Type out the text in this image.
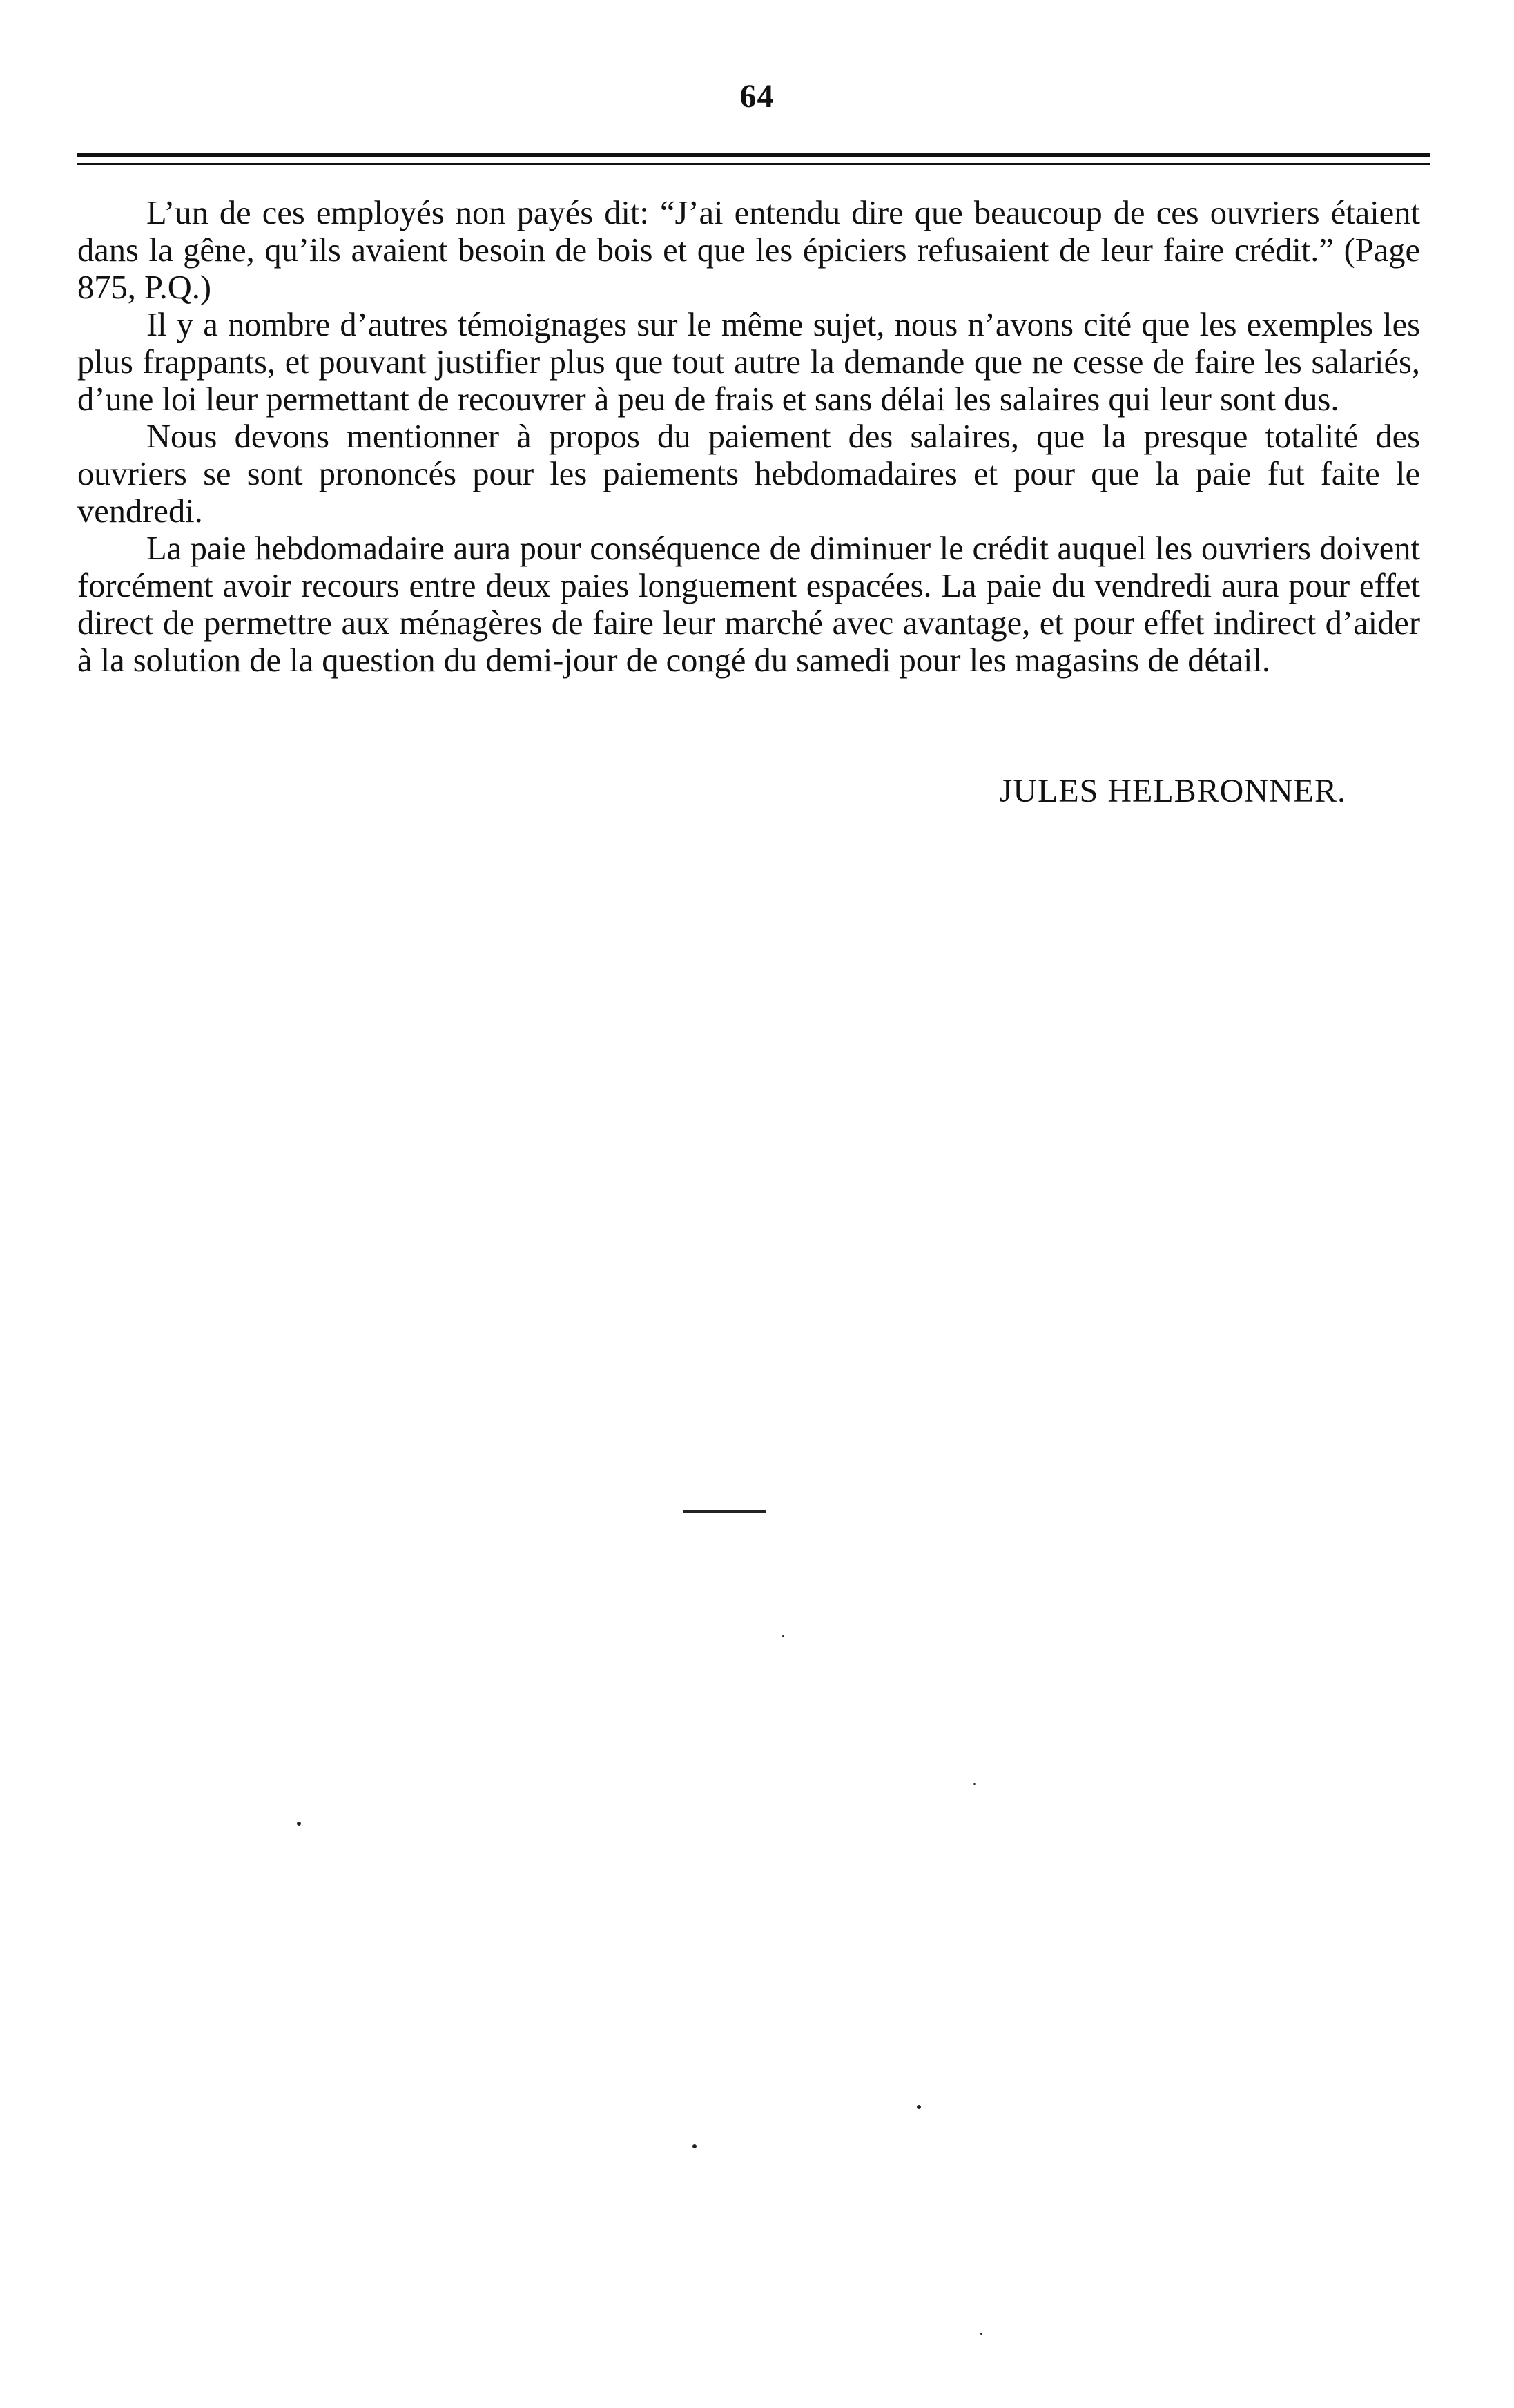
64

L’un de ces employés non payés dit: “J’ai entendu dire que beaucoup de ces ouvriers étaient dans la gêne, qu’ils avaient besoin de bois et que les épiciers refusaient de leur faire crédit.” (Page 875, P.Q.)

Il y a nombre d’autres témoignages sur le même sujet, nous n’avons cité que les exemples les plus frappants, et pouvant justifier plus que tout autre la demande que ne cesse de faire les salariés, d’une loi leur permettant de recouvrer à peu de frais et sans délai les salaires qui leur sont dus.

Nous devons mentionner à propos du paiement des salaires, que la presque totalité des ouvriers se sont prononcés pour les paiements hebdomadaires et pour que la paie fut faite le vendredi.

La paie hebdomadaire aura pour conséquence de diminuer le crédit auquel les ouvriers doivent forcément avoir recours entre deux paies longuement espacées. La paie du vendredi aura pour effet direct de permettre aux ménagères de faire leur marché avec avantage, et pour effet indirect d’aider à la solution de la question du demi-jour de congé du samedi pour les magasins de détail.

JULES HELBRONNER.
